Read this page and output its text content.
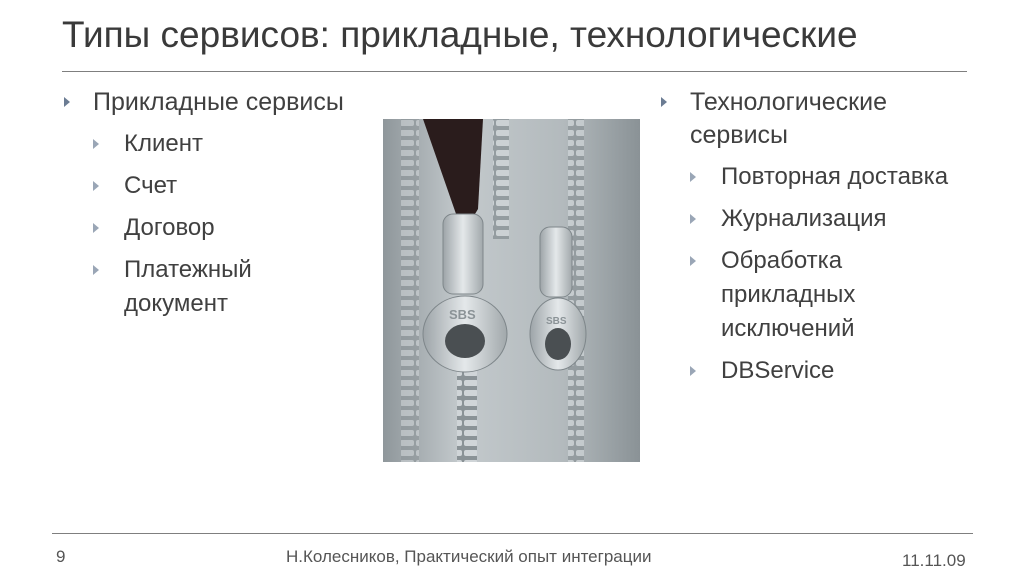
Типы сервисов: прикладные, технологические
Прикладные сервисы
Клиент
Счет
Договор
Платежный документ	SBS	SBS
Технологические сервисы
Повторная доставка
Журнализация
Обработка прикладных исключений
DBService
9	Н.Колесников, Практический опыт интеграции	11.11.09
